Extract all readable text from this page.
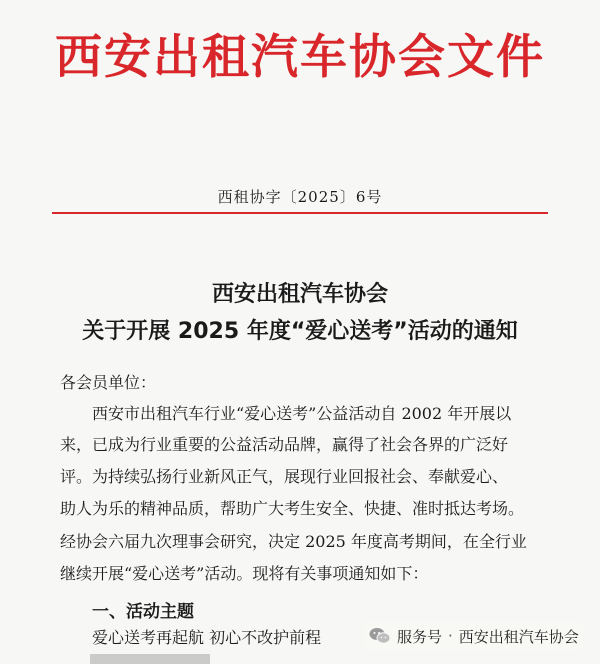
西安出租汽车协会文件
西租协字〔2025〕6号
西安出租汽车协会
关于开展 2025 年度“爱心送考”活动的通知
各会员单位：
西安市出租汽车行业“爱心送考”公益活动自 2002 年开展以
来，已成为行业重要的公益活动品牌，赢得了社会各界的广泛好
评。为持续弘扬行业新风正气，展现行业回报社会、奉献爱心、
助人为乐的精神品质，帮助广大考生安全、快捷、准时抵达考场。
经协会六届九次理事会研究，决定 2025 年度高考期间，在全行业
继续开展“爱心送考”活动。现将有关事项通知如下：
一、活动主题
爱心送考再起航 初心不改护前程	服务号 · 西安出租汽车协会
